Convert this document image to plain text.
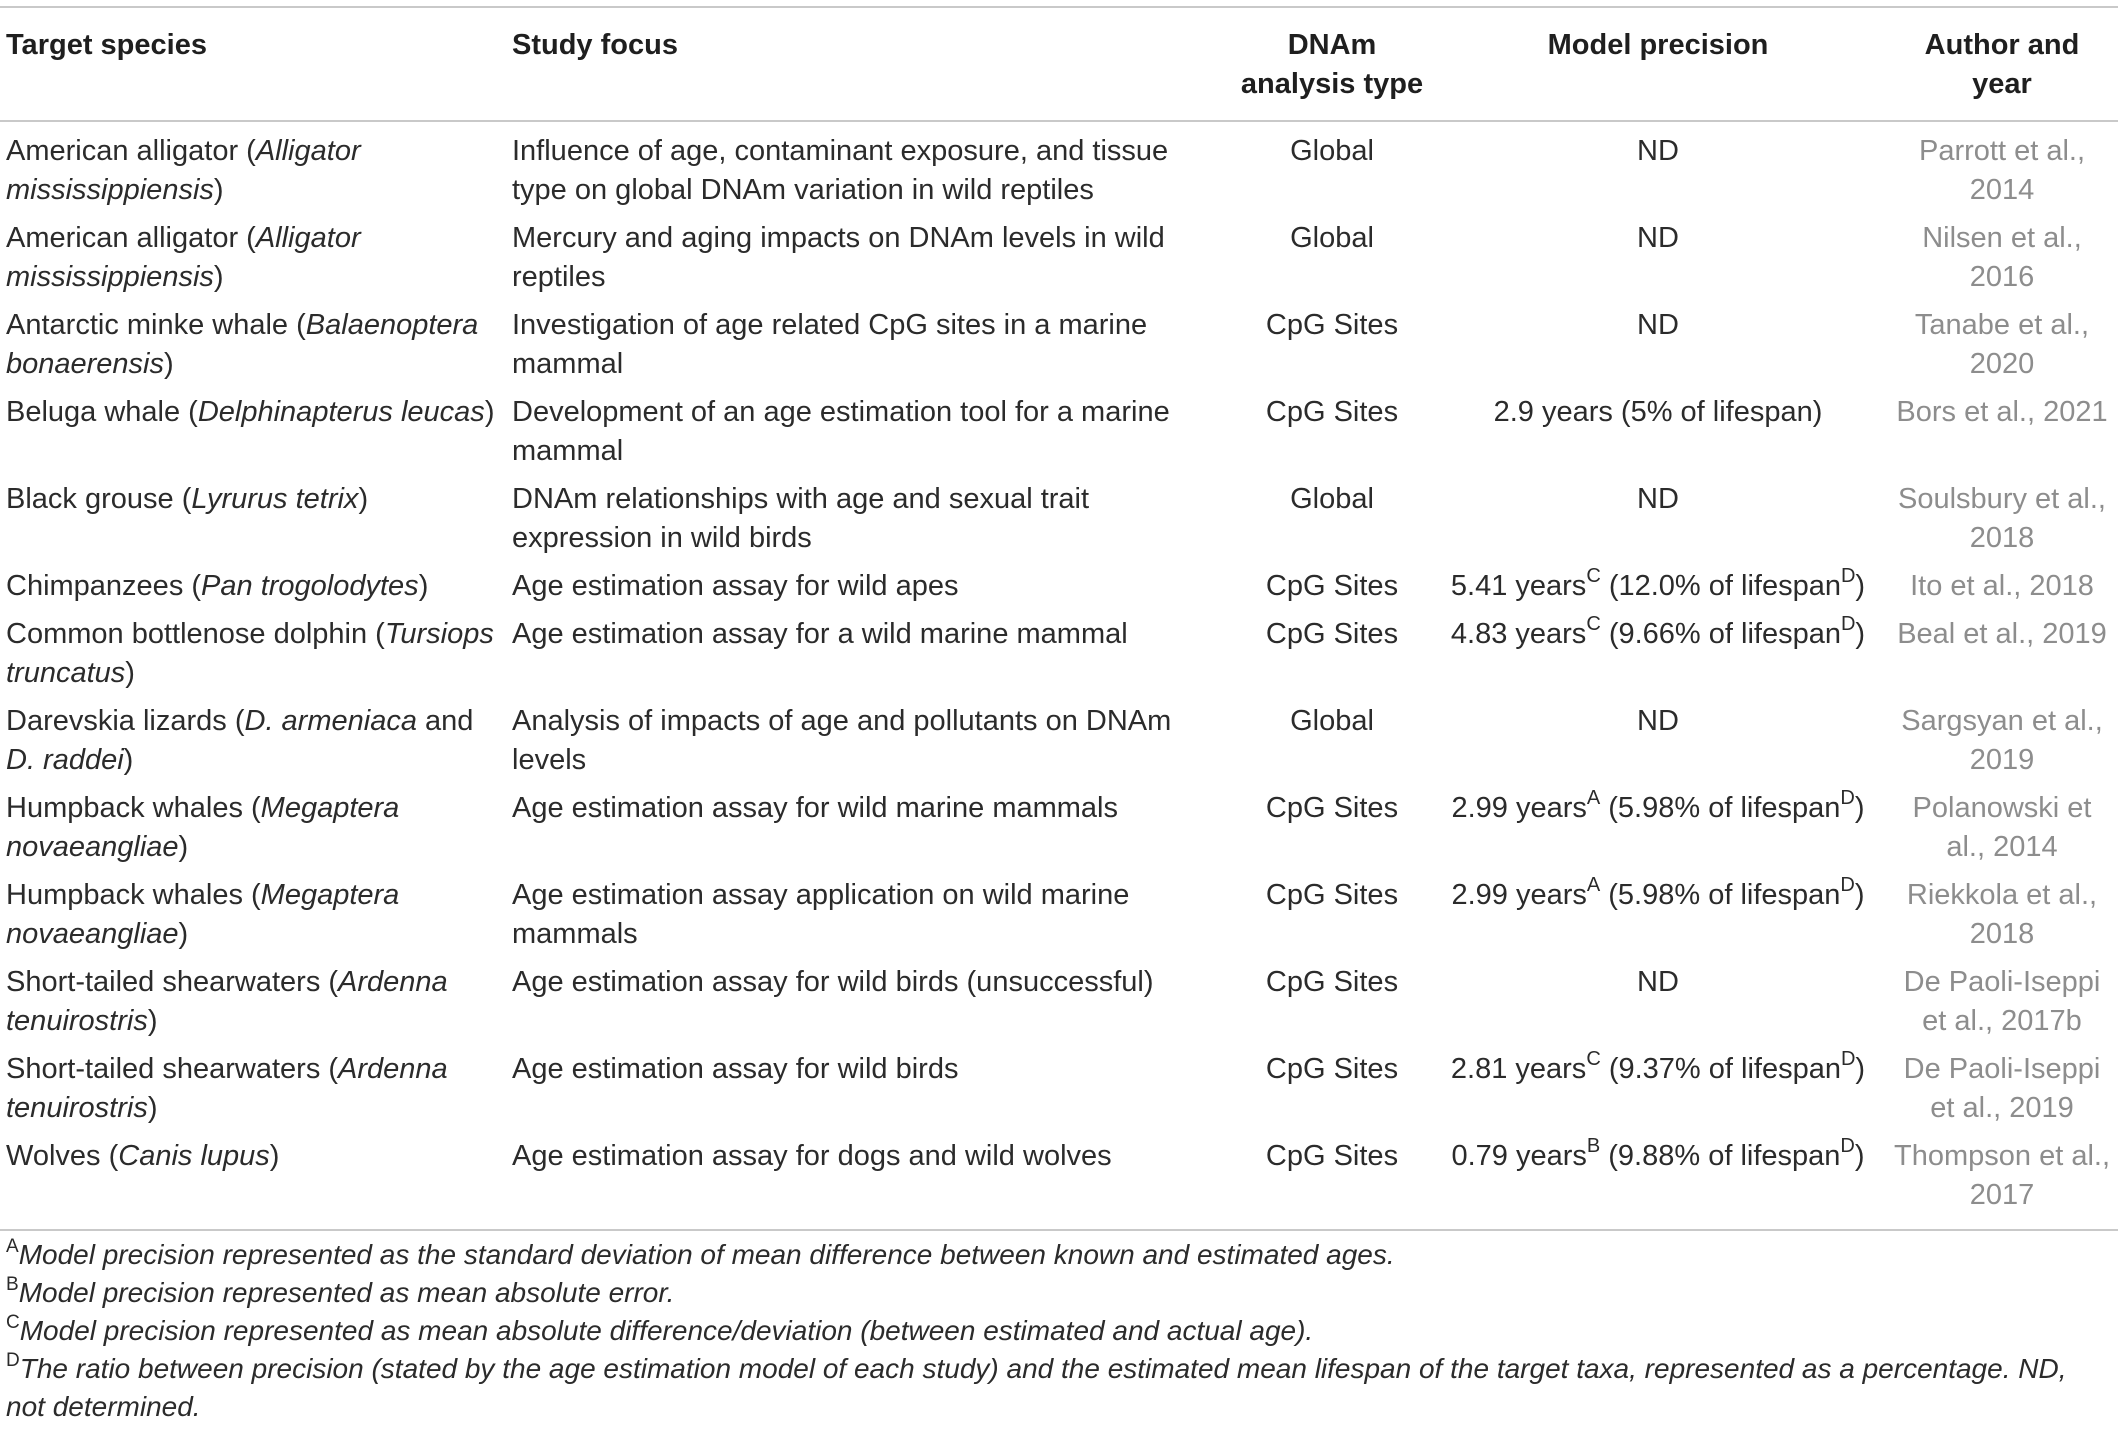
Target species	Study focus	DNAm analysis type	Model precision	Author and year
American alligator (Alligator mississippiensis)	Influence of age, contaminant exposure, and tissue type on global DNAm variation in wild reptiles	Global	ND	Parrott et al., 2014
American alligator (Alligator mississippiensis)	Mercury and aging impacts on DNAm levels in wild reptiles	Global	ND	Nilsen et al., 2016
Antarctic minke whale (Balaenoptera bonaerensis)	Investigation of age related CpG sites in a marine mammal	CpG Sites	ND	Tanabe et al., 2020
Beluga whale (Delphinapterus leucas)	Development of an age estimation tool for a marine mammal	CpG Sites	2.9 years (5% of lifespan)	Bors et al., 2021
Black grouse (Lyrurus tetrix)	DNAm relationships with age and sexual trait expression in wild birds	Global	ND	Soulsbury et al., 2018
Chimpanzees (Pan trogolodytes)	Age estimation assay for wild apes	CpG Sites	5.41 years$^C$ (12.0% of lifespan$^D$)	Ito et al., 2018
Common bottlenose dolphin (Tursiops truncatus)	Age estimation assay for a wild marine mammal	CpG Sites	4.83 years$^C$ (9.66% of lifespan$^D$)	Beal et al., 2019
Darevskia lizards (D. armeniaca and D. raddei)	Analysis of impacts of age and pollutants on DNAm levels	Global	ND	Sargsyan et al., 2019
Humpback whales (Megaptera novaeangliae)	Age estimation assay for wild marine mammals	CpG Sites	2.99 years$^A$ (5.98% of lifespan$^D$)	Polanowski et al., 2014
Humpback whales (Megaptera novaeangliae)	Age estimation assay application on wild marine mammals	CpG Sites	2.99 years$^A$ (5.98% of lifespan$^D$)	Riekkola et al., 2018
Short-tailed shearwaters (Ardenna tenuirostris)	Age estimation assay for wild birds (unsuccessful)	CpG Sites	ND	De Paoli-Iseppi et al., 2017b
Short-tailed shearwaters (Ardenna tenuirostris)	Age estimation assay for wild birds	CpG Sites	2.81 years$^C$ (9.37% of lifespan$^D$)	De Paoli-Iseppi et al., 2019
Wolves (Canis lupus)	Age estimation assay for dogs and wild wolves	CpG Sites	0.79 years$^B$ (9.88% of lifespan$^D$)	Thompson et al., 2017
$^A$Model precision represented as the standard deviation of mean difference between known and estimated ages.
$^B$Model precision represented as mean absolute error.
$^C$Model precision represented as mean absolute difference/deviation (between estimated and actual age).
$^D$The ratio between precision (stated by the age estimation model of each study) and the estimated mean lifespan of the target taxa, represented as a percentage. ND, not determined.
